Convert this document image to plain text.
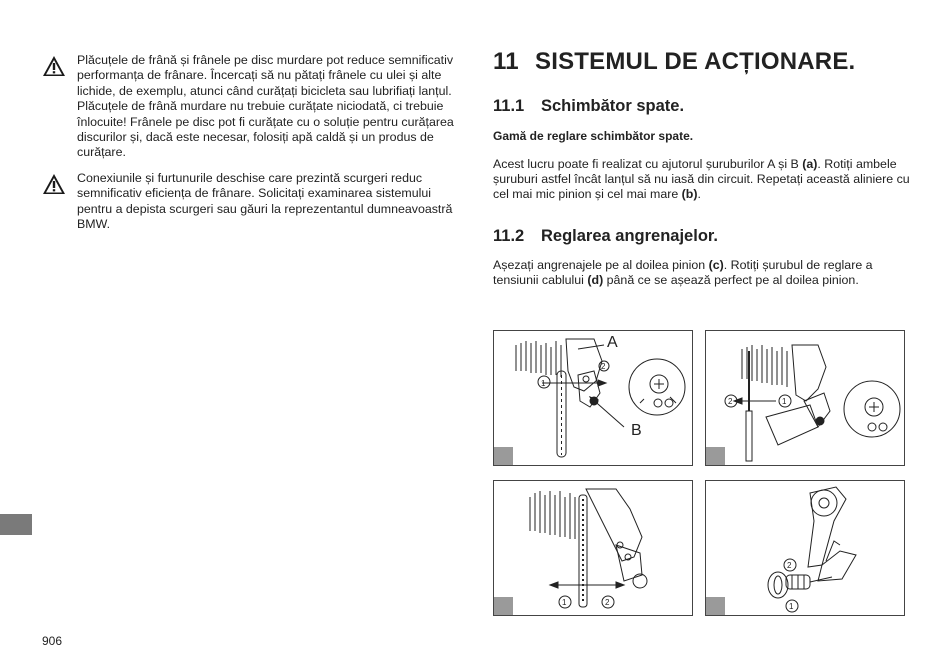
Plăcuțele de frână și frânele pe disc murdare pot reduce semnificativ performanța de frânare. Încercați să nu pătați frânele cu ulei și alte lichide, de exemplu, atunci când curățați bicicleta sau lubrifiați lanțul. Plăcuțele de frână murdare nu trebuie curățate niciodată, ci trebuie înlocuite! Frânele pe disc pot fi curățate cu o soluție pentru curățarea discurilor și, dacă este necesar, folosiți apă caldă și un produs de curățare.
Conexiunile și furtunurile deschise care prezintă scurgeri reduc semnificativ eficiența de frânare. Solicitați examinarea sistemului pentru a depista scurgeri sau găuri la reprezentantul dumneavoastră BMW.
906
11 SISTEMUL DE ACȚIONARE.
11.1 Schimbător spate.
Gamă de reglare schimbător spate.
Acest lucru poate fi realizat cu ajutorul șuruburilor A și B (a). Rotiți ambele șuruburi astfel încât lanțul să nu iasă din circuit. Repetați această aliniere cu cel mai mic pinion și cel mai mare (b).
11.2 Reglarea angrenajelor.
Așezați angrenajele pe al doilea pinion (c). Rotiți șurubul de reglare a tensiunii cablului (d) până ce se așează perfect pe al doilea pinion.
A
B
1
2
2	1
1	2
2
1
